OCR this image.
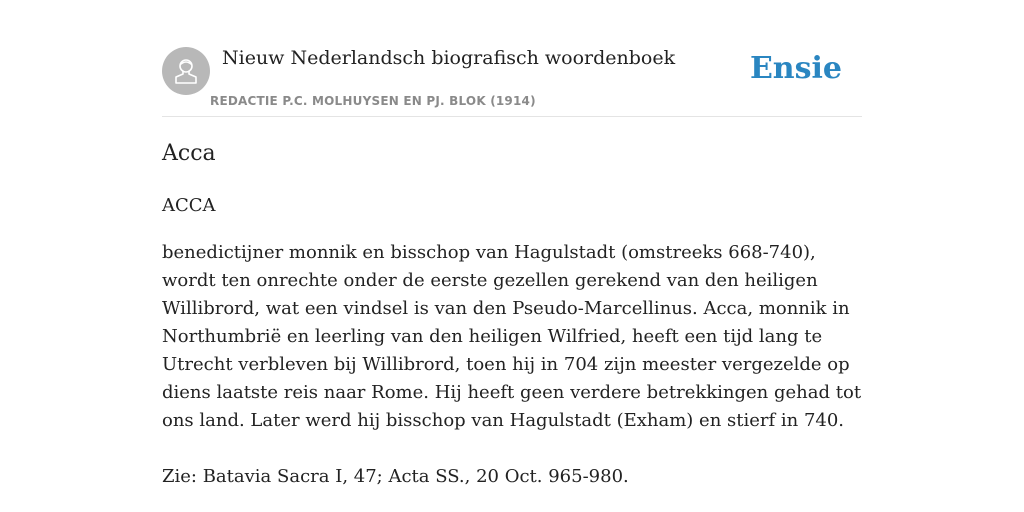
Nieuw Nederlandsch biografisch woordenboek
REDACTIE P.C. MOLHUYSEN EN PJ. BLOK (1914)
Ensie
Acca
ACCA

benedictijner monnik en bisschop van Hagulstadt (omstreeks 668-740), wordt ten onrechte onder de eerste gezellen gerekend van den heiligen Willibrord, wat een vindsel is van den Pseudo-Marcellinus. Acca, monnik in Northumbrië en leerling van den heiligen Wilfried, heeft een tijd lang te Utrecht verbleven bij Willibrord, toen hij in 704 zijn meester vergezelde op diens laatste reis naar Rome. Hij heeft geen verdere betrekkingen gehad tot ons land. Later werd hij bisschop van Hagulstadt (Exham) en stierf in 740.

Zie: Batavia Sacra I, 47; Acta SS., 20 Oct. 965-980.
